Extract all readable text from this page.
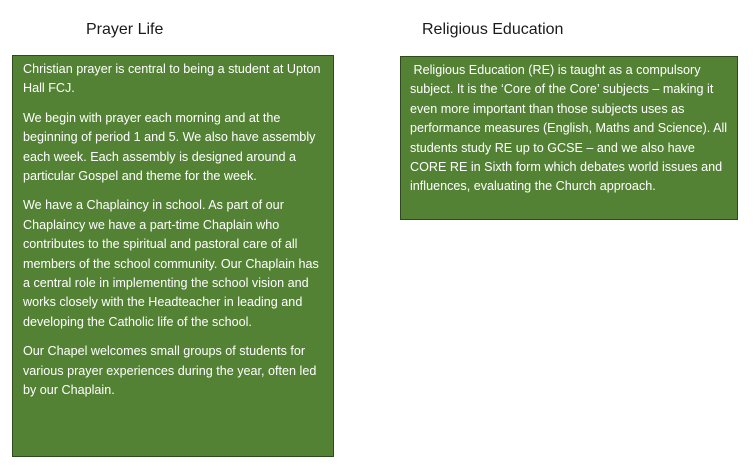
Prayer Life	Religious Education

Christian prayer is central to being a student at Upton Hall FCJ.

We begin with prayer each morning and at the beginning of period 1 and 5. We also have assembly each week. Each assembly is designed around a particular Gospel and theme for the week.

We have a Chaplaincy in school. As part of our Chaplaincy we have a part-time Chaplain who contributes to the spiritual and pastoral care of all members of the school community. Our Chaplain has a central role in implementing the school vision and works closely with the Headteacher in leading and developing the Catholic life of the school.

Our Chapel welcomes small groups of students for various prayer experiences during the year, often led by our Chaplain.

Religious Education (RE) is taught as a compulsory subject. It is the ‘Core of the Core’ subjects – making it even more important than those subjects uses as performance measures (English, Maths and Science). All students study RE up to GCSE – and we also have CORE RE in Sixth form which debates world issues and influences, evaluating the Church approach.
